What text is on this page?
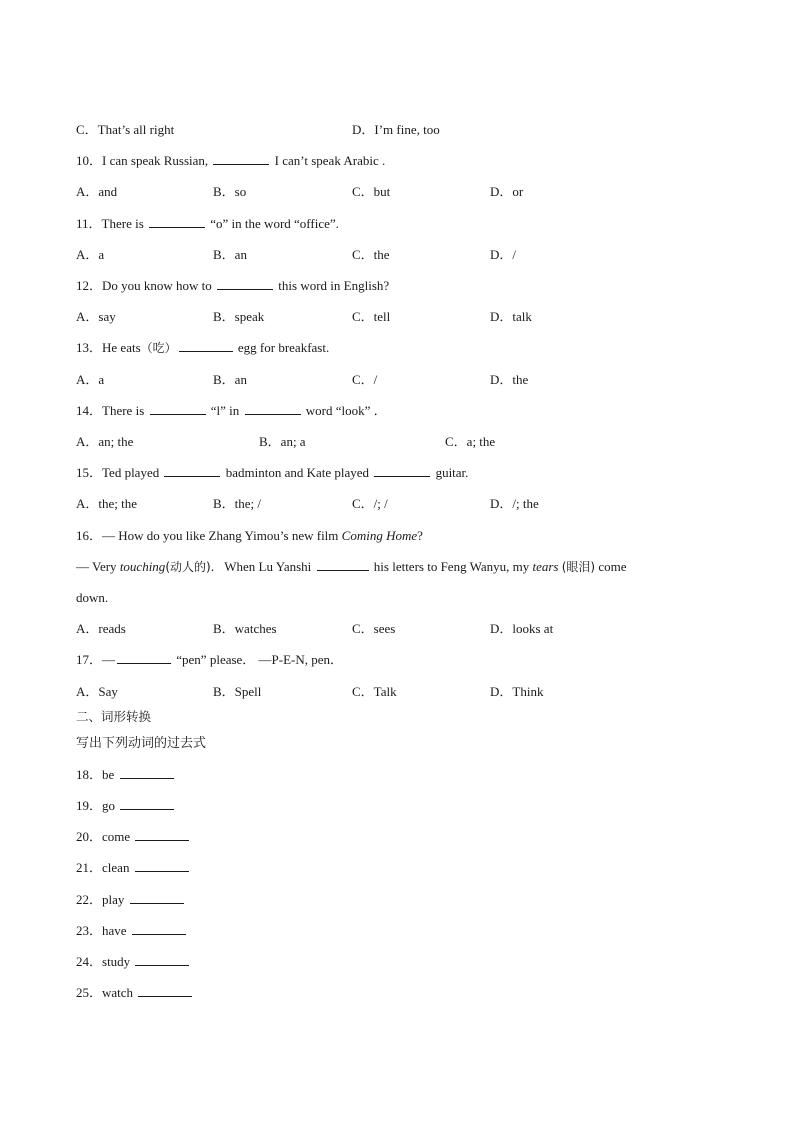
C．That’s all right	D．I’m fine, too
10．I can speak Russian,	I can’t speak Arabic .
A．and	B．so	C．but	D．or
11．There is	“o” in the word “office”.
A．a	B．an	C．the	D．/
12．Do you know how to	this word in English?
A．say	B．speak	C．tell	D．talk
13．He eats（吃）	egg for breakfast.
A．a	B．an	C．/	D．the
14．There is	“l” in	word “look” ．
A．an; the	B．an; a	C．a; the
15．Ted played	badminton and Kate played	guitar.
A．the; the	B．the; /	C．/; /	D．/; the
16．— How do you like Zhang Yimou’s new film Coming Home?
— Very touching(动人的). When Lu Yanshi	his letters to Feng Wanyu, my tears (眼泪) come
down.
A．reads	B．watches	C．sees	D．looks at
17．—	“pen” please． —P-E-N, pen．
A．Say	B．Spell	C．Talk	D．Think
二、词形转换
写出下列动词的过去式
18．be
19．go
20．come
21．clean
22．play
23．have
24．study
25．watch
